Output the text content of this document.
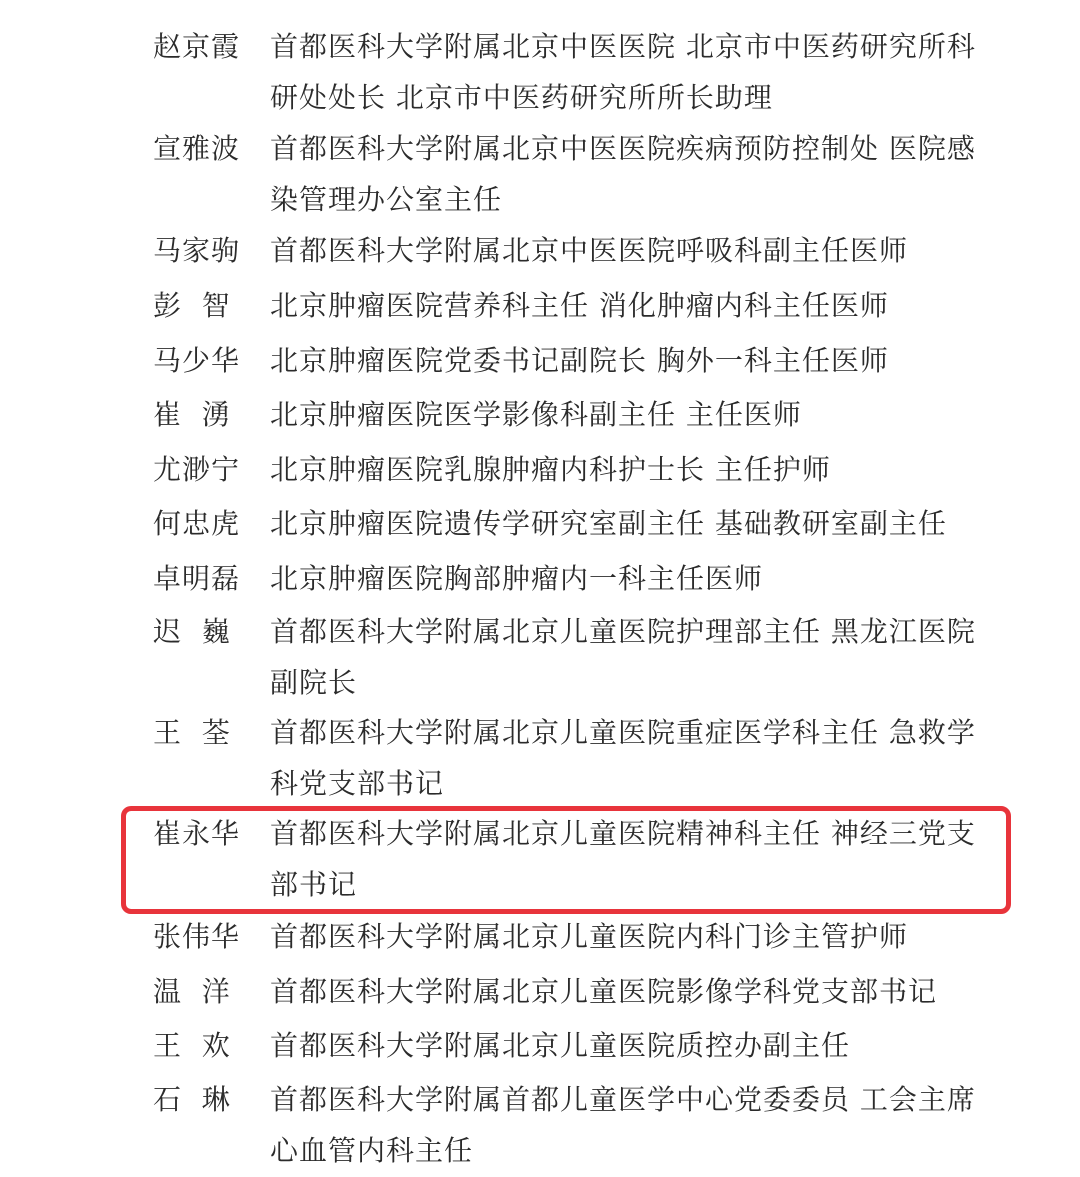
赵京霞	首都医科大学附属北京中医医院 北京市中医药研究所科
研处处长 北京市中医药研究所所长助理
宣雅波	首都医科大学附属北京中医医院疾病预防控制处 医院感
染管理办公室主任
马家驹	首都医科大学附属北京中医医院呼吸科副主任医师
彭  智	北京肿瘤医院营养科主任 消化肿瘤内科主任医师
马少华	北京肿瘤医院党委书记副院长 胸外一科主任医师
崔  湧	北京肿瘤医院医学影像科副主任 主任医师
尤渺宁	北京肿瘤医院乳腺肿瘤内科护士长 主任护师
何忠虎	北京肿瘤医院遗传学研究室副主任 基础教研室副主任
卓明磊	北京肿瘤医院胸部肿瘤内一科主任医师
迟  巍	首都医科大学附属北京儿童医院护理部主任 黑龙江医院
副院长
王  荃	首都医科大学附属北京儿童医院重症医学科主任 急救学
科党支部书记
崔永华	首都医科大学附属北京儿童医院精神科主任 神经三党支
部书记
张伟华	首都医科大学附属北京儿童医院内科门诊主管护师
温  洋	首都医科大学附属北京儿童医院影像学科党支部书记
王  欢	首都医科大学附属北京儿童医院质控办副主任
石  琳	首都医科大学附属首都儿童医学中心党委委员 工会主席
心血管内科主任
